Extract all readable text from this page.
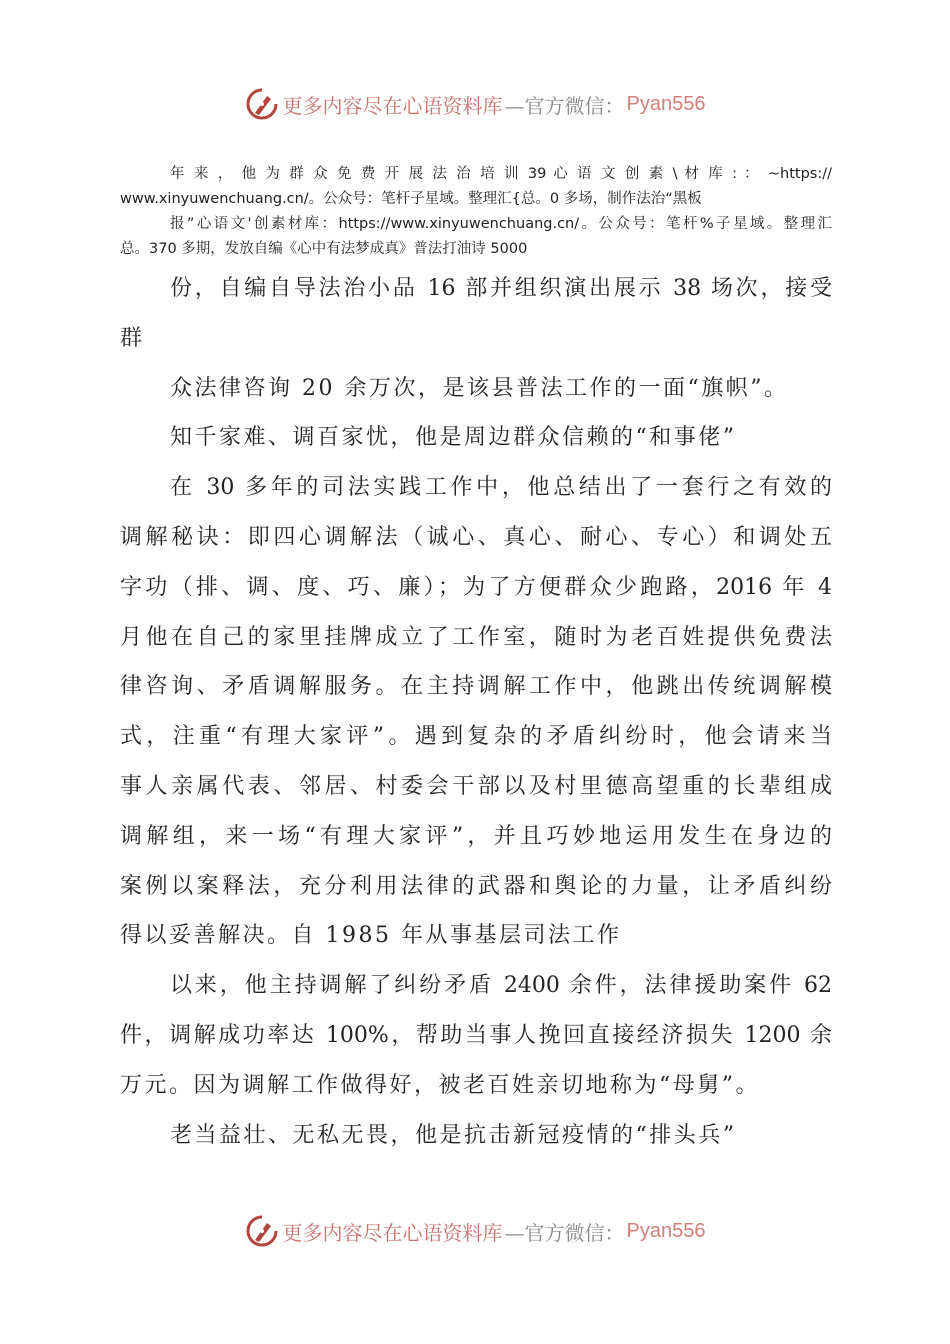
更多内容尽在心语资料库 —官方微信： Pyan556
年 来 ， 他 为 群 众 免 费 开 展 法 治 培 训 39 心 语 文 创 素 \ 材 库 : ： ~https://
www.xinyuwenchuang.cn/。公众号：笔杆子星域。整理汇{总。0 多场，制作法治“黑板
报”心语文'创素材库：https://www.xinyuwenchuang.cn/。公众号：笔杆%子星域。整理汇
总。370 多期，发放自编《心中有法梦成真》普法打油诗 5000
份，自编自导法治小品 16 部并组织演出展示 38 场次，接受
群
众法律咨询 20 余万次，是该县普法工作的一面“旗帜”。
知千家难、调百家忧，他是周边群众信赖的“和事佬”
在 30 多年的司法实践工作中，他总结出了一套行之有效的
调解秘诀：即四心调解法（诚心、真心、耐心、专心）和调处五
字功（排、调、度、巧、廉）；为了方便群众少跑路，2016 年 4
月他在自己的家里挂牌成立了工作室，随时为老百姓提供免费法
律咨询、矛盾调解服务。在主持调解工作中，他跳出传统调解模
式，注重“有理大家评”。遇到复杂的矛盾纠纷时，他会请来当
事人亲属代表、邻居、村委会干部以及村里德高望重的长辈组成
调解组，来一场“有理大家评”，并且巧妙地运用发生在身边的
案例以案释法，充分利用法律的武器和舆论的力量，让矛盾纠纷
得以妥善解决。自 1985 年从事基层司法工作
以来，他主持调解了纠纷矛盾 2400 余件，法律援助案件 62
件，调解成功率达 100%，帮助当事人挽回直接经济损失 1200 余
万元。因为调解工作做得好，被老百姓亲切地称为“母舅”。
老当益壮、无私无畏，他是抗击新冠疫情的“排头兵”
更多内容尽在心语资料库 —官方微信： Pyan556
